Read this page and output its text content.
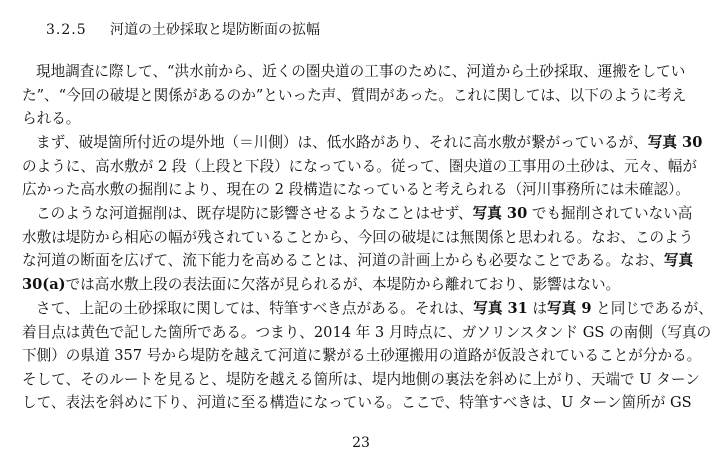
3.2.5 河道の土砂採取と堤防断面の拡幅
現地調査に際して、“洪水前から、近くの圏央道の工事のために、河道から土砂採取、運搬をしてい
た”、“今回の破堤と関係があるのか”といった声、質問があった。これに関しては、以下のように考え
られる。
まず、破堤箇所付近の堤外地（＝川側）は、低水路があり、それに高水敷が繋がっているが、写真 30
のように、高水敷が 2 段（上段と下段）になっている。従って、圏央道の工事用の土砂は、元々、幅が
広かった高水敷の掘削により、現在の 2 段構造になっていると考えられる（河川事務所には未確認）。
このような河道掘削は、既存堤防に影響させるようなことはせず、写真 30 でも掘削されていない高
水敷は堤防から相応の幅が残されていることから、今回の破堤には無関係と思われる。なお、このよう
な河道の断面を広げて、流下能力を高めることは、河道の計画上からも必要なことである。なお、写真
30(a)では高水敷上段の表法面に欠落が見られるが、本堤防から離れており、影響はない。
さて、上記の土砂採取に関しては、特筆すべき点がある。それは、写真 31 は写真 9 と同じであるが、
着目点は黄色で記した箇所である。つまり、2014 年 3 月時点に、ガソリンスタンド GS の南側（写真の
下側）の県道 357 号から堤防を越えて河道に繋がる土砂運搬用の道路が仮設されていることが分かる。
そして、そのルートを見ると、堤防を越える箇所は、堤内地側の裏法を斜めに上がり、天端で U ターン
して、表法を斜めに下り、河道に至る構造になっている。ここで、特筆すべきは、U ターン箇所が GS
23
